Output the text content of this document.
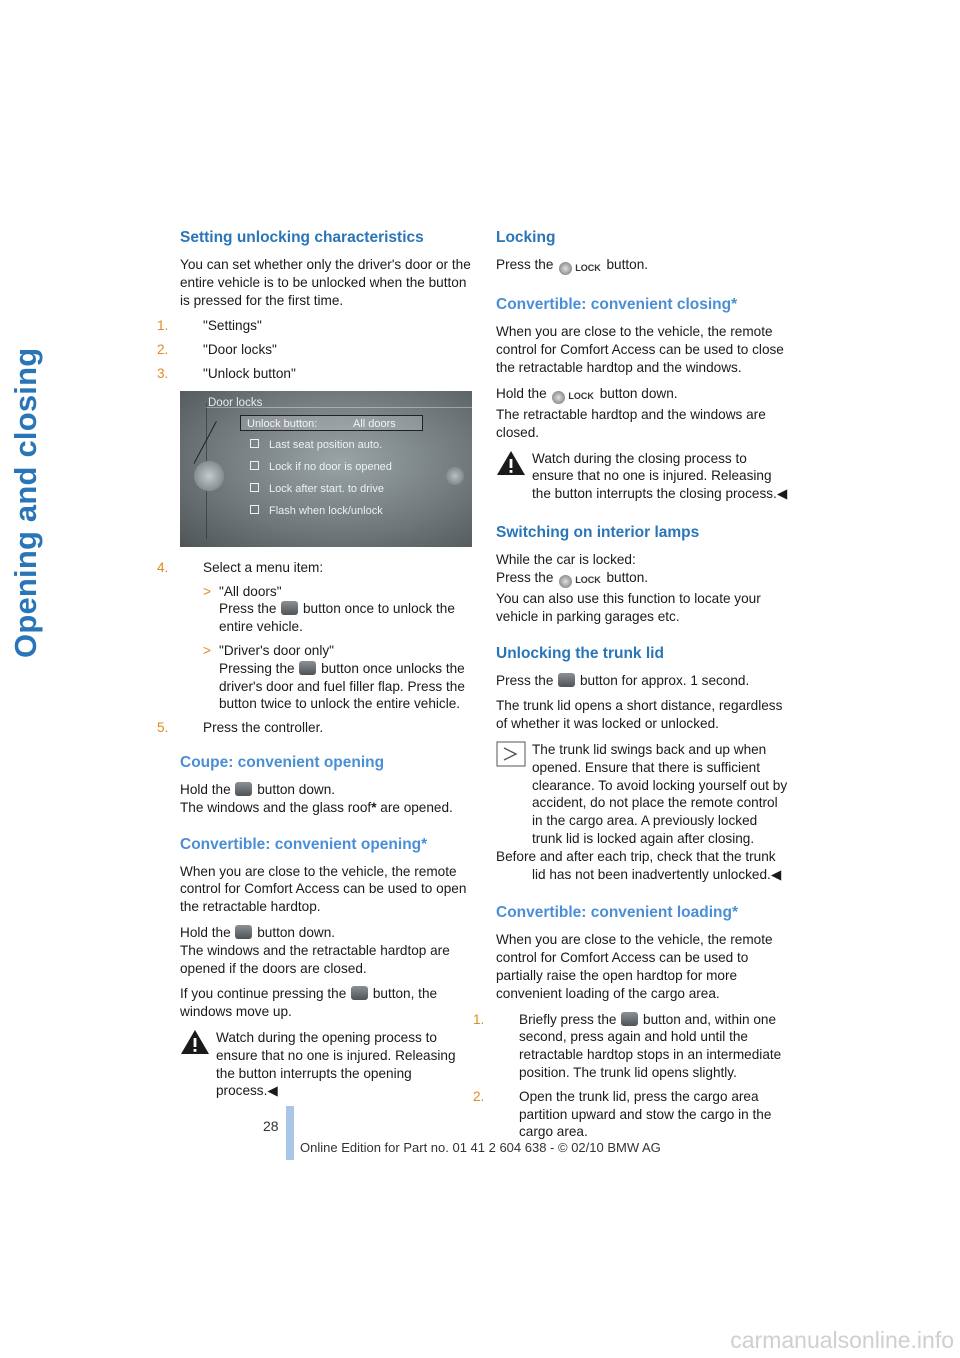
Opening and closing
Setting unlocking characteristics

You can set whether only the driver's door or the entire vehicle is to be unlocked when the button is pressed for the first time.

1.	"Settings"
2.	"Door locks"
3.	"Unlock button"
Door locks
Unlock button:	All doors
Last seat position auto.
Lock if no door is opened
Lock after start. to drive
Flash when lock/unlock
4.	Select a menu item:
> "All doors"
Press the button once to unlock the entire vehicle.
> "Driver's door only"
Pressing the button once unlocks the driver's door and fuel filler flap. Press the button twice to unlock the entire vehicle.
5.	Press the controller.
Coupe: convenient opening

Hold the button down.
The windows and the glass roof* are opened.

Convertible: convenient opening*

When you are close to the vehicle, the remote control for Comfort Access can be used to open the retractable hardtop.

Hold the button down.
The windows and the retractable hardtop are opened if the doors are closed.

If you continue pressing the button, the windows move up.

Watch during the opening process to ensure that no one is injured. Releasing the button interrupts the opening process.◀
Locking

Press the LOCK button.

Convertible: convenient closing*

When you are close to the vehicle, the remote control for Comfort Access can be used to close the retractable hardtop and the windows.

Hold the LOCK button down.
The retractable hardtop and the windows are closed.

Watch during the closing process to ensure that no one is injured. Releasing the button interrupts the closing process.◀
Switching on interior lamps

While the car is locked:
Press the LOCK button.
You can also use this function to locate your vehicle in parking garages etc.

Unlocking the trunk lid

Press the button for approx. 1 second.

The trunk lid opens a short distance, regardless of whether it was locked or unlocked.

The trunk lid swings back and up when opened. Ensure that there is sufficient clearance. To avoid locking yourself out by accident, do not place the remote control in the cargo area. A previously locked trunk lid is locked again after closing.
Before and after each trip, check that the trunk lid has not been inadvertently unlocked.◀
Convertible: convenient loading*

When you are close to the vehicle, the remote control for Comfort Access can be used to partially raise the open hardtop for more convenient loading of the cargo area.

1.	Briefly press the button and, within one second, press again and hold until the retractable hardtop stops in an intermediate position. The trunk lid opens slightly.
2.	Open the trunk lid, press the cargo area partition upward and stow the cargo in the cargo area.
28
Online Edition for Part no. 01 41 2 604 638 - © 02/10 BMW AG
carmanualsonline.info
